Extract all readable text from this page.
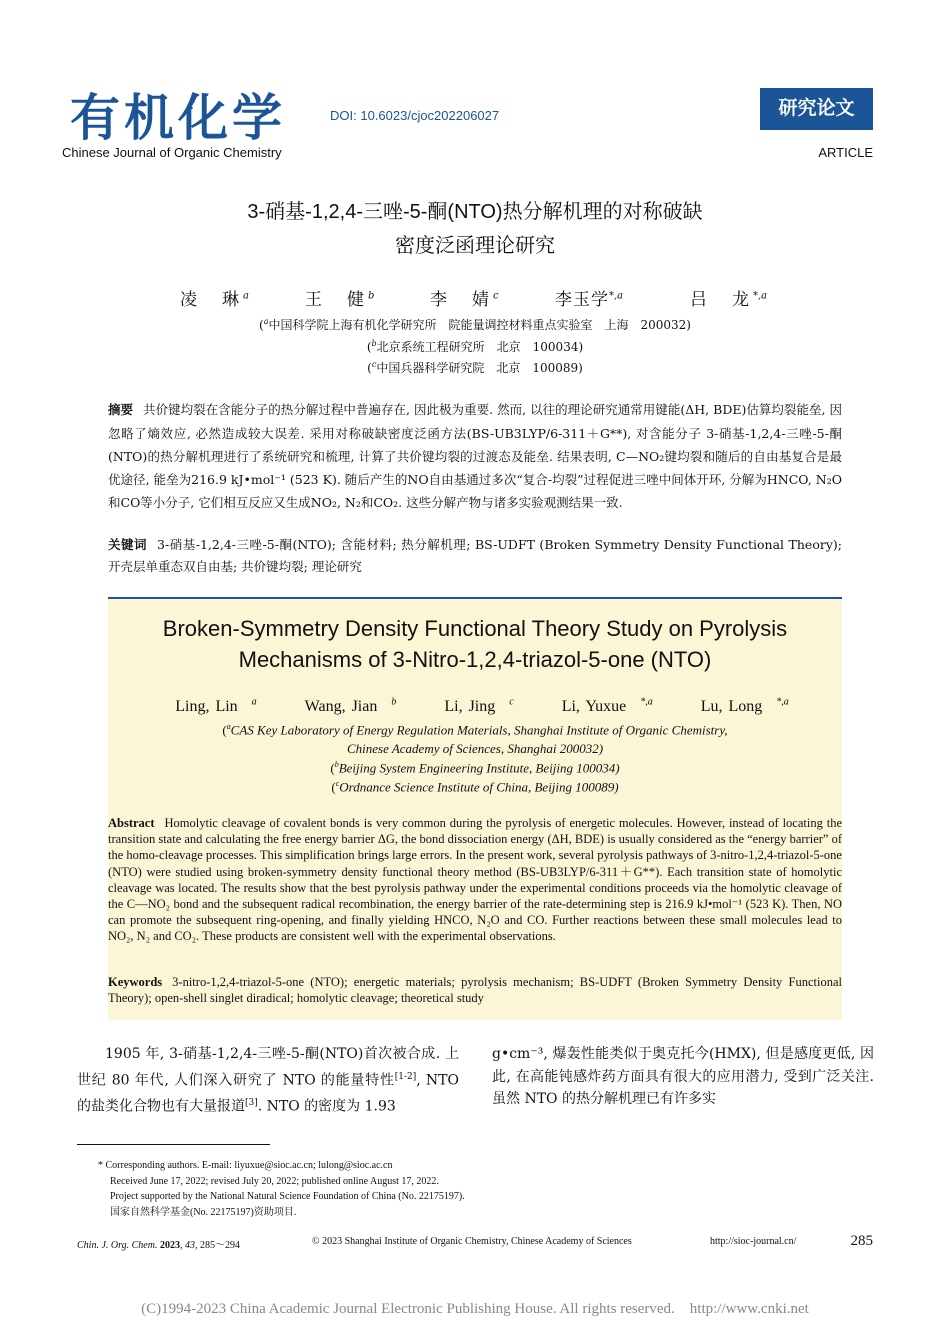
有机化学	DOI: 10.6023/cjoc202206027	研究论文
Chinese Journal of Organic Chemistry	ARTICLE
3-硝基-1,2,4-三唑-5-酮(NTO)热分解机理的对称破缺
密度泛函理论研究
凌　琳$^a$	王　健$^b$	李　婧$^c$	李玉学$^{*,a}$	吕　龙$^{*,a}$
($^a$中国科学院上海有机化学研究所　院能量调控材料重点实验室　上海　200032)
($^b$北京系统工程研究所　北京　100034)
($^c$中国兵器科学研究院　北京　100089)
摘要 共价键均裂在含能分子的热分解过程中普遍存在, 因此极为重要. 然而, 以往的理论研究通常用键能(ΔH, BDE)估算均裂能垒, 因忽略了熵效应, 必然造成较大误差. 采用对称破缺密度泛函方法(BS-UB3LYP/6-311＋G**), 对含能分子 3-硝基-1,2,4-三唑-5-酮(NTO)的热分解机理进行了系统研究和梳理, 计算了共价键均裂的过渡态及能垒. 结果表明, C—NO₂键均裂和随后的自由基复合是最优途径, 能垒为216.9 kJ•mol⁻¹ (523 K). 随后产生的NO自由基通过多次“复合-均裂”过程促进三唑中间体开环, 分解为HNCO, N₂O和CO等小分子, 它们相互反应又生成NO₂, N₂和CO₂. 这些分解产物与诸多实验观测结果一致.
关键词 3-硝基-1,2,4-三唑-5-酮(NTO); 含能材料; 热分解机理; BS-UDFT (Broken Symmetry Density Functional Theory); 开壳层单重态双自由基; 共价键均裂; 理论研究
Broken-Symmetry Density Functional Theory Study on Pyrolysis
Mechanisms of 3-Nitro-1,2,4-triazol-5-one (NTO)
Ling, Lin $^a$	Wang, Jian $^b$	Li, Jing $^c$	Li, Yuxue $^{*,a}$	Lu, Long $^{*,a}$
($^a$CAS Key Laboratory of Energy Regulation Materials, Shanghai Institute of Organic Chemistry,
Chinese Academy of Sciences, Shanghai 200032)
($^b$Beijing System Engineering Institute, Beijing 100034)
($^c$Ordnance Science Institute of China, Beijing 100089)
Abstract Homolytic cleavage of covalent bonds is very common during the pyrolysis of energetic molecules. However, instead of locating the transition state and calculating the free energy barrier ΔG, the bond dissociation energy (ΔH, BDE) is usually considered as the “energy barrier” of the homo-cleavage processes. This simplification brings large errors. In the present work, several pyrolysis pathways of 3-nitro-1,2,4-triazol-5-one (NTO) were studied using broken-symmetry density functional theory method (BS-UB3LYP/6-311＋G**). Each transition state of homolytic cleavage was located. The results show that the best pyrolysis pathway under the experimental conditions proceeds via the homolytic cleavage of the C—NO₂ bond and the subsequent radical recombination, the energy barrier of the rate-determining step is 216.9 kJ•mol⁻¹ (523 K). Then, NO can promote the subsequent ring-opening, and finally yielding HNCO, N₂O and CO. Further reactions between these small molecules lead to NO₂, N₂ and CO₂. These products are consistent well with the experimental observations.
Keywords 3-nitro-1,2,4-triazol-5-one (NTO); energetic materials; pyrolysis mechanism; BS-UDFT (Broken Symmetry Density Functional Theory); open-shell singlet diradical; homolytic cleavage; theoretical study
1905 年, 3-硝基-1,2,4-三唑-5-酮(NTO)首次被合成. 上世纪 80 年代, 人们深入研究了 NTO 的能量特性[1-2], NTO 的盐类化合物也有大量报道[3]. NTO 的密度为 1.93
g•cm⁻³, 爆轰性能类似于奥克托今(HMX), 但是感度更低, 因此, 在高能钝感炸药方面具有很大的应用潜力, 受到广泛关注. 虽然 NTO 的热分解机理已有许多实
* Corresponding authors. E-mail: liyuxue@sioc.ac.cn; lulong@sioc.ac.cn
Received June 17, 2022; revised July 20, 2022; published online August 17, 2022.
Project supported by the National Natural Science Foundation of China (No. 22175197).
国家自然科学基金(No. 22175197)资助项目.
Chin. J. Org. Chem. 2023, 43, 285～294	© 2023 Shanghai Institute of Organic Chemistry, Chinese Academy of Sciences	http://sioc-journal.cn/	285
(C)1994-2023 China Academic Journal Electronic Publishing House. All rights reserved.　http://www.cnki.net
